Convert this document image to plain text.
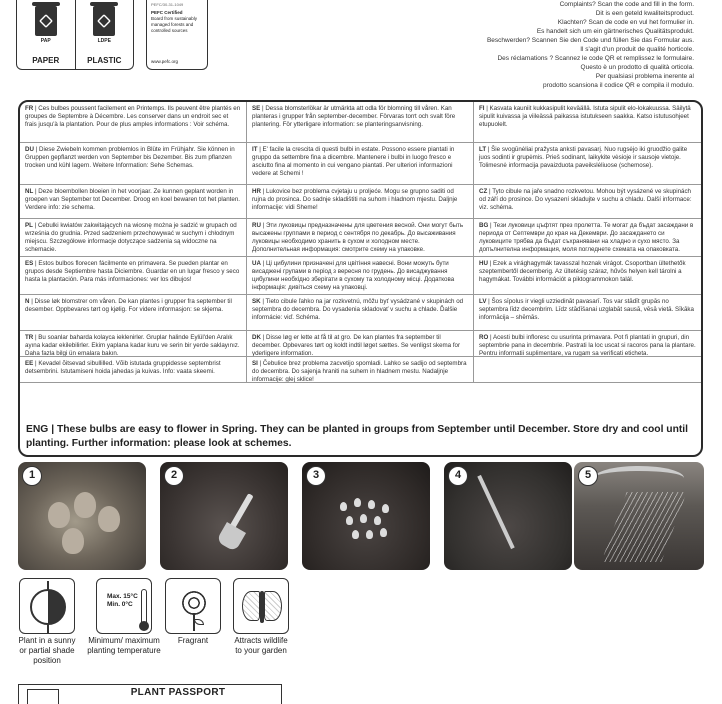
PAP
PAPER
LDPE
PLASTIC
PEFC/30-31-1049
PEFC Certified
Board from sustainably managed forests and controlled sources
www.pefc.org
Complaints? Scan the code and fill in the form.
Dit is een geteld kwaliteitsproduct.
Klachten? Scan de code en vul het formulier in.
Es handelt sich um ein gärtnerisches Qualitätsprodukt.
Beschwerden? Scannen Sie den Code und füllen Sie das Formular aus.
Il s'agit d'un produit de qualité horticole.
Des réclamations ? Scannez le code QR et remplissez le formulaire.
Questo è un prodotto di qualità orticola.
Per qualsiasi problema inerente al
prodotto scansiona il codice QR e compila il modulo.
FR | Ces bulbes poussent facilement en Printemps. Ils peuvent être plantés en groupes de Septembre à Décembre. Les conserver dans un endroit sec et frais jusqu'à la plantation. Pour de plus amples informations : Voir schéma.
SE | Dessa blomsterlökar är utmärkta att odla för blomning till våren. Kan planteras i grupper från september-december. Förvaras torrt och svalt före plantering. För ytterligare information: se planteringsanvisning.
FI | Kasvata kauniit kukkasipulit keväällä. Istuta sipulit elo-lokakuussa. Säilytä sipulit kuivassa ja viileässä paikassa istutukseen saakka. Katso istutusohjeet etupuolelt.
DU | Diese Zwiebeln kommen problemlos in Blüte im Frühjahr. Sie können in Gruppen gepflanzt werden von September bis Dezember. Bis zum pflanzen trocken und kühl lagern. Weitere Information: Sehe Schemas.
IT | E' facile la crescita di questi bulbi in estate. Possono essere piantati in gruppo da settembre fina a dicembre. Mantenere i bulbi in luogo fresco e asciutto fina al momento in cui vengano piantati. Per ulteriori informazioni vedere at Schemi !
LT | Šie svogūnėliai pražysta anksti pavasarį. Nuo rugsėjo iki gruodžio galite juos sodinti ir grupėmis. Prieš sodinant, laikykite vėsioje ir sausoje vietoje. Tolimesnė informacija pavaizduota paveikslėliuose (schemose).
NL | Deze bloembollen bloeien in het voorjaar. Ze kunnen geplant worden in groepen van September tot December. Droog en koel bewaren tot het planten. Verdere info: zie schema.
HR | Lukovice bez problema cvjetaju u proljeće. Mogu se grupno saditi od rujna do prosinca. Do sadnje skladištiti na suhom i hladnom mjestu. Daljnje informacije: vidi Sheme!
CZ | Tyto cibule na jaře snadno rozkvetou. Mohou být vysázené ve skupinách od září do prosince. Do vysazení skladujte v suchu a chladu. Další informace: viz. schéma.
PL | Cebulki kwiatów zakwitających na wiosnę można je sadzić w grupach od września do grudnia. Przed sadzeniem przechowywać w suchym i chłodnym miejscu. Szczegółowe informacje dotyczące sadzenia są widoczne na schemacie.
RU | Эти луковицы предназначены для цветения весной. Они могут быть высажены группами в период с сентября по декабрь. До высаживания луковицы необходимо хранить в сухом и холодном месте. Дополнительная информация: смотрите схему на упаковке.
BG | Тези луковици цъфтят през пролетта. Те могат да бъдат засаждани в периода от Септември до края на Декември. До засаждането си луковиците трябва да бъдат съхранявани на хладно и сухо място. За допълнителна информация, моля погледнете схемата на опаковката.
ES | Estos bulbos florecen fácilmente en primavera. Se pueden plantar en grupos desde Septiembre hasta Diciembre. Guardar en un lugar fresco y seco hasta la plantación. Para más informaciones: ver los dibujos!
UA | Ці цибулини призначені для цвітіння навесні. Вони можуть бути висаджені групами в період з вересня по грудень. До висаджування цибулини необхідно зберігати в сухому та холодному місці. Додаткова інформація: дивіться схему на упаковці.
HU | Ezek a virághagymák tavasszal hoznak virágot. Csoportban ültethetők szeptembertől decemberig. Az ültetésig száraz, hűvös helyen kell tárolni a hagymákat. További információt a piktogrammokon talál.
N | Disse løk blomstrer om våren. De kan plantes i grupper fra september til desember. Oppbevares tørt og kjølig. For videre informasjon: se skjema.
SK | Tieto cibule ľahko na jar rozkvetnú, môžu byť vysádzané v skupinách od septembra do decembra. Do vysadenia skladovať v suchu a chlade. Ďalšie informácie: viď. Schéma.
LV | Šos sīpolus ir viegli uzziedināt pavasarī. Tos var stādīt grupās no septembra līdz decembrim. Līdz stādīšanai uzglabāt sausā, vēsā vietā. Sīkāka informācija – shēmās.
TR | Bu soanlar baharda kolayca ieklenirler. Gruplar halinde Eylül'den Aralık ayına kadar ekilebilirler. Ekim yaplana kadar kuru ve serin bir yerde saklayınız. Daha fazla bilgi ün emalara bakın.
DK | Disse løg er lette at få til at gro. De kan plantes fra september til december. Opbevares tørt og koldt indtil løget sættes. Se venligst skema for yderligere information.
RO | Acesti bulbi infloresc cu usurinta primavara. Pot fi plantati in grupuri, din septembrie pana in decembrie. Pastrati la loc uscat si racoros pana la plantare. Pentru informatii suplimentare, va rugam sa verificati eticheta.
EE | Kevadel õitsevad sibullilled. Võib istutada gruppidesse septembrist detsembrini. Istutamiseni hoida jahedas ja kuivas. Info: vaata skeemi.
SI | Čebulice brez problema zacvetijo spomladi. Lahko se sadijo od septembra do decembra. Do sajenja hraniti na suhem in hladnem mestu. Nadaljnje informacije: glej sklice!
ENG | These bulbs are easy to flower in Spring. They can be planted in groups from September until December. Store dry and cool until planting. Further information: please look at schemes.
1	2	3	4	5
Plant in a sunny or partial shade position
Max. 15°C
Min. 0°C
Minimum/ maximum planting temperature
Fragrant	Attracts wildlife to your garden
PLANT PASSPORT
